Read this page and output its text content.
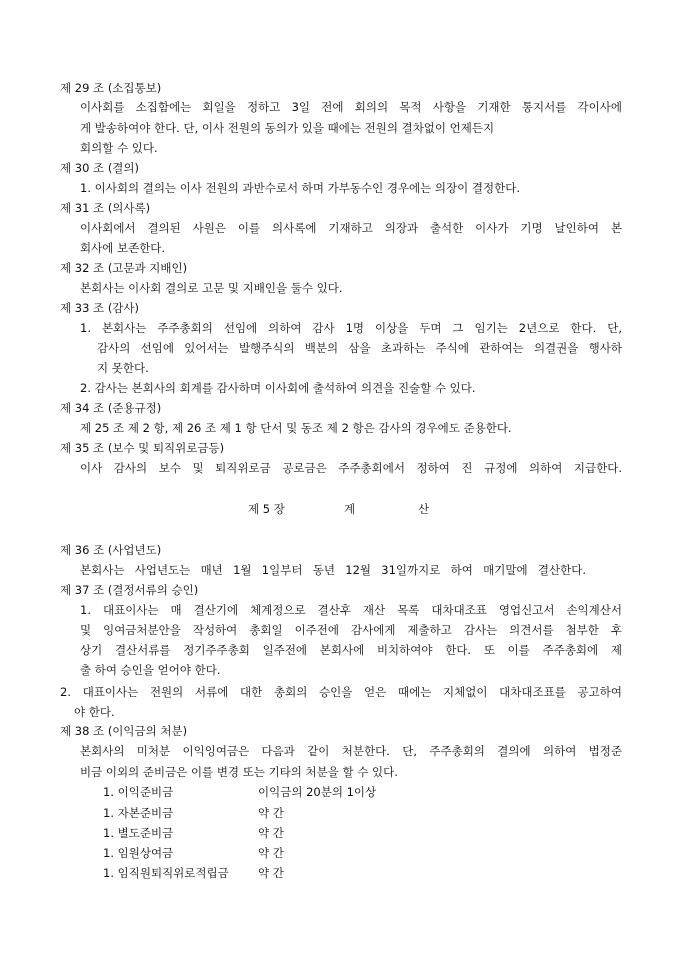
제 29 조 (소집통보)
이사회를 소집함에는 회일을 정하고 3일 전에 회의의 목적 사항을 기재한 통지서를 각이사에
게 발송하여야 한다. 단, 이사 전원의 동의가 있을 때에는 전원의 결차없이 언제든지
회의할 수 있다.
제 30 조 (결의)
1. 이사회의 결의는 이사 전원의 과반수로서 하며 가부동수인 경우에는 의장이 결정한다.
제 31 조 (의사록)
이사회에서 결의된 사원은 이를 의사록에 기재하고 의장과 출석한 이사가 기명 날인하여 본
회사에 보존한다.
제 32 조 (고문과 지배인)
본회사는 이사회 결의로 고문 및 지배인을 둘수 있다.
제 33 조 (감사)
1. 본회사는 주주총회의 선임에 의하여 감사 1명 이상을 두며 그 임기는 2년으로 한다. 단,
감사의 선임에 있어서는 발행주식의 백분의 삼을 초과하는 주식에 관하여는 의결권을 행사하
지 못한다.
2. 감사는 본회사의 회계를 감사하며 이사회에 출석하여 의견을 진술할 수 있다.
제 34 조 (준용규정)
제 25 조 제 2 항, 제 26 조 제 1 항 단서 및 동조 제 2 항은 감사의 경우에도 준용한다.
제 35 조 (보수 및 퇴직위로금등)
이사 감사의 보수 및 퇴직위로금 공로금은 주주총회에서 정하여 진 규정에 의하여 지급한다.
제 5 장	계	산
제 36 조 (사업년도)
본회사는 사업년도는 매년 1월 1일부터 동년 12월 31일까지로 하여 매기말에 결산한다.
제 37 조 (결정서류의 승인)
1. 대표이사는 매 결산기에 체계정으로 결산후 재산 목록 대차대조표 영업신고서 손익계산서
및 잉여금처분안을 작성하여 총회일 이주전에 감사에게 제출하고 감사는 의견서를 첨부한 후
상기 결산서류를 정기주주총회 일주전에 본회사에 비치하여야 한다. 또 이를 주주총회에 제
출 하여 승인을 얻어야 한다.
2. 대표이사는 전원의 서류에 대한 총회의 승인을 얻은 때에는 지체없이 대차대조표를 공고하여
야 한다.
제 38 조 (이익금의 처분)
본회사의 미처분 이익잉여금은 다음과 같이 처분한다. 단, 주주총회의 결의에 의하여 법정준
비금 이외의 준비금은 이를 변경 또는 기타의 처분을 할 수 있다.
1. 이익준비금	이익금의 20분의 1이상
1. 자본준비금	약 간
1. 별도준비금	약 간
1. 임원상여금	약 간
1. 임직원퇴직위로적립금	약 간
